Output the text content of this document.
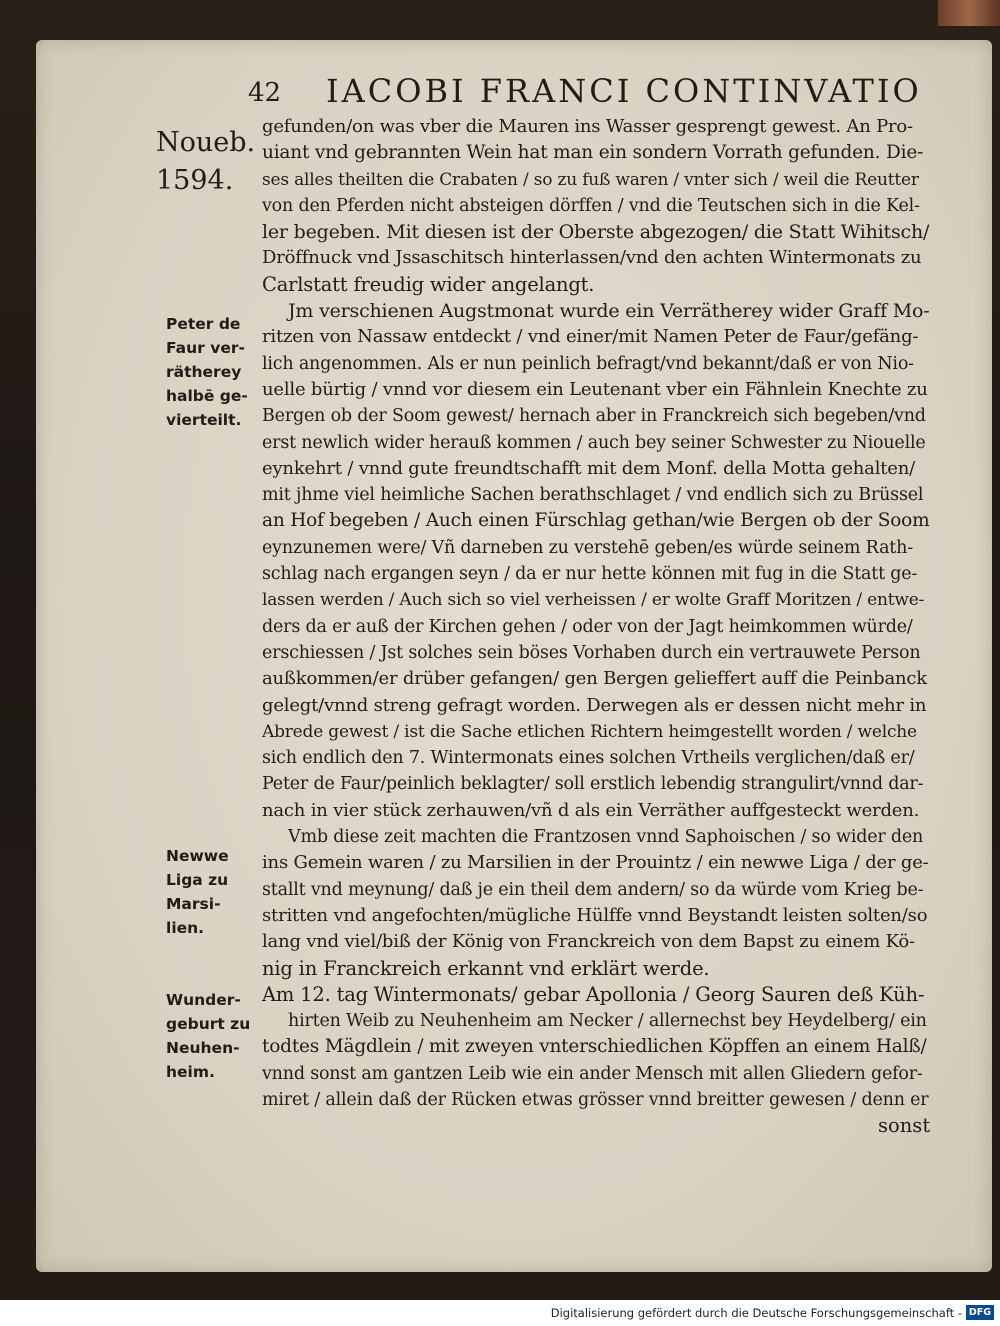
42 IACOBI FRANCI CONTINVATIO
Noueb.
1594.
Peter de
Faur ver-
rätherey
halbē ge-
vierteilt.
Newwe
Liga zu
Marsi-
lien.
Wunder-
geburt zu
Neuhen-
heim.
gefunden/on was vber die Mauren ins Wasser gesprengt gewest. An Pro-
uiant vnd gebrannten Wein hat man ein sondern Vorrath gefunden. Die-
ses alles theilten die Crabaten / so zu fuß waren / vnter sich / weil die Reutter
von den Pferden nicht absteigen dörffen / vnd die Teutschen sich in die Kel-
ler begeben. Mit diesen ist der Oberste abgezogen/ die Statt Wihitsch/
Dröffnuck vnd Jssaschitsch hinterlassen/vnd den achten Wintermonats zu
Carlstatt freudig wider angelangt.
Jm verschienen Augstmonat wurde ein Verrätherey wider Graff Mo-
ritzen von Nassaw entdeckt / vnd einer/mit Namen Peter de Faur/gefäng-
lich angenommen. Als er nun peinlich befragt/vnd bekannt/daß er von Nio-
uelle bürtig / vnnd vor diesem ein Leutenant vber ein Fähnlein Knechte zu
Bergen ob der Soom gewest/ hernach aber in Franckreich sich begeben/vnd
erst newlich wider herauß kommen / auch bey seiner Schwester zu Niouelle
eynkehrt / vnnd gute freundtschafft mit dem Monf. della Motta gehalten/
mit jhme viel heimliche Sachen berathschlaget / vnd endlich sich zu Brüssel
an Hof begeben / Auch einen Fürschlag gethan/wie Bergen ob der Soom
eynzunemen were/ Vñ darneben zu verstehē geben/es würde seinem Rath-
schlag nach ergangen seyn / da er nur hette können mit fug in die Statt ge-
lassen werden / Auch sich so viel verheissen / er wolte Graff Moritzen / entwe-
ders da er auß der Kirchen gehen / oder von der Jagt heimkommen würde/
erschiessen / Jst solches sein böses Vorhaben durch ein vertrauwete Person
außkommen/er drüber gefangen/ gen Bergen gelieffert auff die Peinbanck
gelegt/vnnd streng gefragt worden. Derwegen als er dessen nicht mehr in
Abrede gewest / ist die Sache etlichen Richtern heimgestellt worden / welche
sich endlich den 7. Wintermonats eines solchen Vrtheils verglichen/daß er/
Peter de Faur/peinlich beklagter/ soll erstlich lebendig strangulirt/vnnd dar-
nach in vier stück zerhauwen/vñ d als ein Verräther auffgesteckt werden.
Vmb diese zeit machten die Frantzosen vnnd Saphoischen / so wider den
ins Gemein waren / zu Marsilien in der Prouintz / ein newwe Liga / der ge-
stallt vnd meynung/ daß je ein theil dem andern/ so da würde vom Krieg be-
stritten vnd angefochten/mügliche Hülffe vnnd Beystandt leisten solten/so
lang vnd viel/biß der König von Franckreich von dem Bapst zu einem Kö-
nig in Franckreich erkannt vnd erklärt werde.
Am 12. tag Wintermonats/ gebar Apollonia / Georg Sauren deß Küh-
hirten Weib zu Neuhenheim am Necker / allernechst bey Heydelberg/ ein
todtes Mägdlein / mit zweyen vnterschiedlichen Köpffen an einem Halß/
vnnd sonst am gantzen Leib wie ein ander Mensch mit allen Gliedern gefor-
miret / allein daß der Rücken etwas grösser vnnd breitter gewesen / denn er
sonst
Digitalisierung gefördert durch die Deutsche Forschungsgemeinschaft - DFG
